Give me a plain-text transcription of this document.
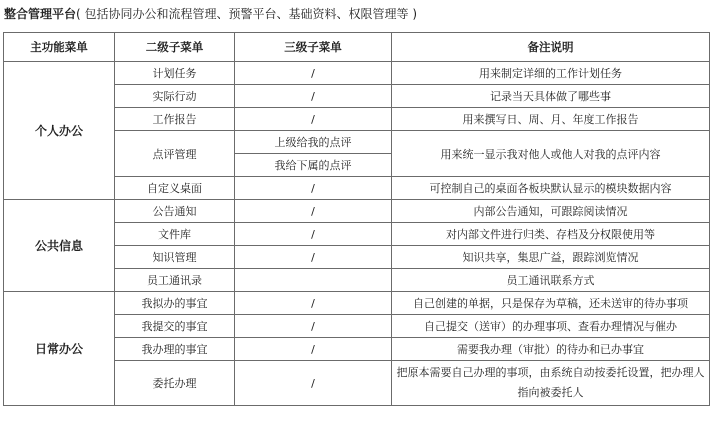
整合管理平台( 包括协同办公和流程管理、预警平台、基础资料、权限管理等 )
主功能菜单	二级子菜单	三级子菜单	备注说明
个人办公	计划任务	/	用来制定详细的工作计划任务
	实际行动	/	记录当天具体做了哪些事
	工作报告	/	用来撰写日、周、月、年度工作报告
	点评管理	上级给我的点评	用来统一显示我对他人或他人对我的点评内容
		我给下属的点评	
	自定义桌面	/	可控制自己的桌面各板块默认显示的模块数据内容
公共信息	公告通知	/	内部公告通知，可跟踪阅读情况
	文件库	/	对内部文件进行归类、存档及分权限使用等
	知识管理	/	知识共享，集思广益，跟踪浏览情况
	员工通讯录		员工通讯联系方式
日常办公	我拟办的事宜	/	自己创建的单据，只是保存为草稿，还未送审的待办事项
	我提交的事宜	/	自己提交（送审）的办理事项、查看办理情况与催办
	我办理的事宜	/	需要我办理（审批）的待办和已办事宜
	委托办理	/	把原本需要自己办理的事项，由系统自动按委托设置，把办理人指向被委托人
